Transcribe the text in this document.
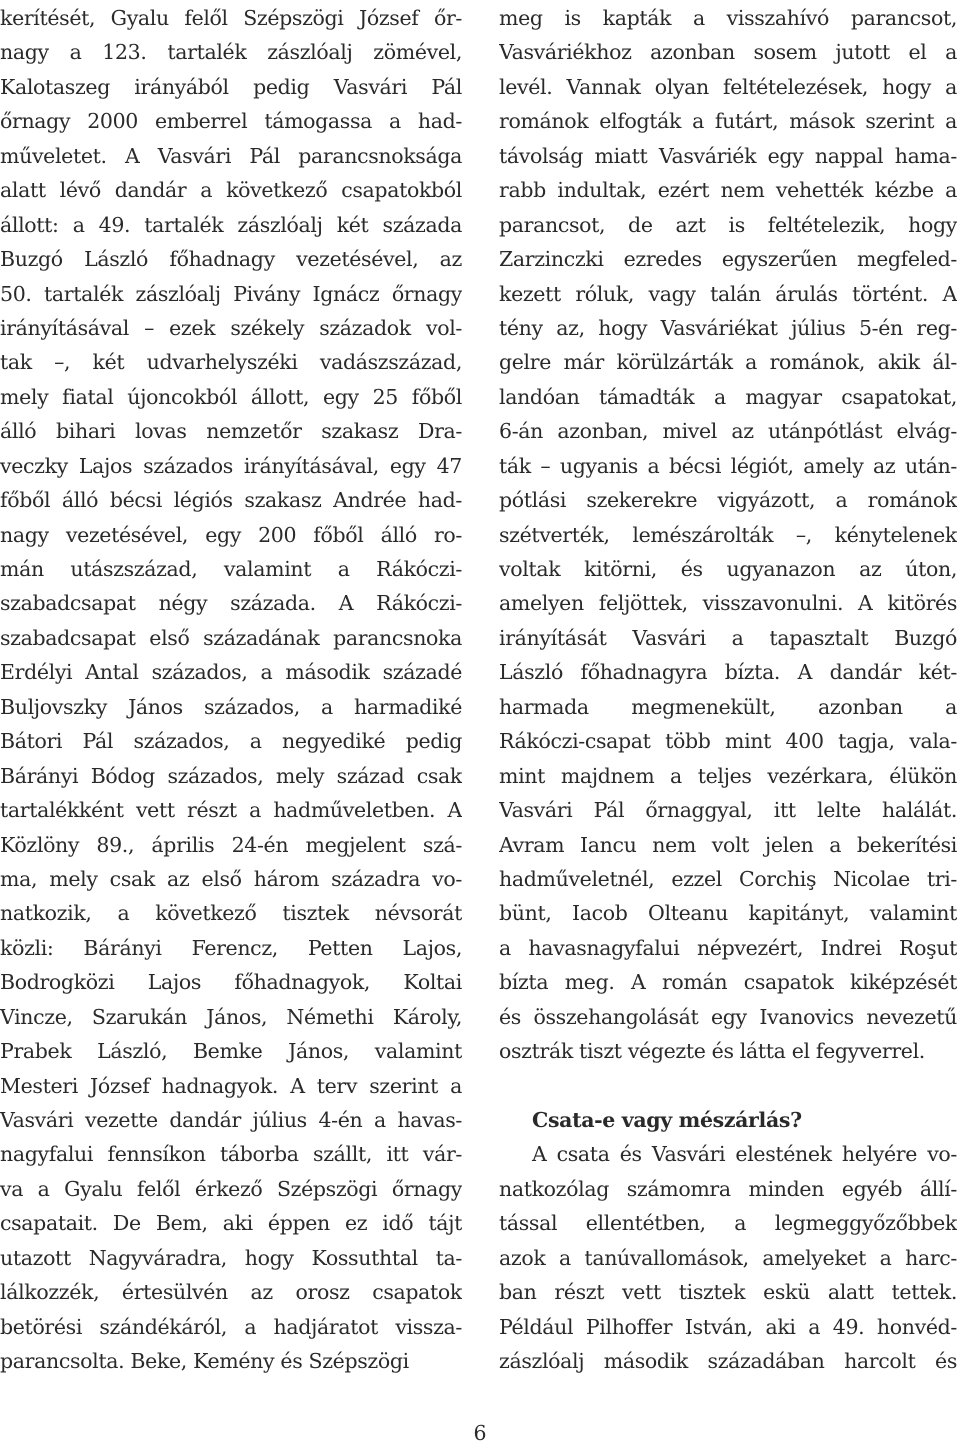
kerítését, Gyalu felől Szépszögi József őr-
nagy a 123. tartalék zászlóalj zömével,
Kalotaszeg irányából pedig Vasvári Pál
őrnagy 2000 emberrel támogassa a had-
műveletet. A Vasvári Pál parancsnoksága
alatt lévő dandár a következő csapatokból
állott: a 49. tartalék zászlóalj két százada
Buzgó László főhadnagy vezetésével, az
50. tartalék zászlóalj Pivány Ignácz őrnagy
irányításával – ezek székely századok vol-
tak –, két udvarhelyszéki vadászszázad,
mely fiatal újoncokból állott, egy 25 főből
álló bihari lovas nemzetőr szakasz Dra-
veczky Lajos százados irányításával, egy 47
főből álló bécsi légiós szakasz Andrée had-
nagy vezetésével, egy 200 főből álló ro-
mán utászszázad, valamint a Rákóczi-
szabadcsapat négy százada. A Rákóczi-
szabadcsapat első századának parancsnoka
Erdélyi Antal százados, a második századé
Buljovszky János százados, a harmadiké
Bátori Pál százados, a negyediké pedig
Bárányi Bódog százados, mely század csak
tartalékként vett részt a hadműveletben. A
Közlöny 89., április 24-én megjelent szá-
ma, mely csak az első három századra vo-
natkozik, a következő tisztek névsorát
közli: Bárányi Ferencz, Petten Lajos,
Bodrogközi Lajos főhadnagyok, Koltai
Vincze, Szarukán János, Némethi Károly,
Prabek László, Bemke János, valamint
Mesteri József hadnagyok. A terv szerint a
Vasvári vezette dandár július 4-én a havas-
nagyfalui fennsíkon táborba szállt, itt vár-
va a Gyalu felől érkező Szépszögi őrnagy
csapatait. De Bem, aki éppen ez idő tájt
utazott Nagyváradra, hogy Kossuthtal ta-
lálkozzék, értesülvén az orosz csapatok
betörési szándékáról, a hadjáratot vissza-
parancsolta. Beke, Kemény és Szépszögi
meg is kapták a visszahívó parancsot,
Vasváriékhoz azonban sosem jutott el a
levél. Vannak olyan feltételezések, hogy a
románok elfogták a futárt, mások szerint a
távolság miatt Vasváriék egy nappal hama-
rabb indultak, ezért nem vehették kézbe a
parancsot, de azt is feltételezik, hogy
Zarzinczki ezredes egyszerűen megfeled-
kezett róluk, vagy talán árulás történt. A
tény az, hogy Vasváriékat július 5-én reg-
gelre már körülzárták a románok, akik ál-
landóan támadták a magyar csapatokat,
6-án azonban, mivel az utánpótlást elvág-
ták – ugyanis a bécsi légiót, amely az után-
pótlási szekerekre vigyázott, a románok
szétverték, lemészárolták –, kénytelenek
voltak kitörni, és ugyanazon az úton,
amelyen feljöttek, visszavonulni. A kitörés
irányítását Vasvári a tapasztalt Buzgó
László főhadnagyra bízta. A dandár két-
harmada megmenekült, azonban a
Rákóczi-csapat több mint 400 tagja, vala-
mint majdnem a teljes vezérkara, élükön
Vasvári Pál őrnaggyal, itt lelte halálát.
Avram Iancu nem volt jelen a bekerítési
hadműveletnél, ezzel Corchiş Nicolae tri-
bünt, Iacob Olteanu kapitányt, valamint
a havasnagyfalui népvezért, Indrei Roşut
bízta meg. A román csapatok kiképzését
és összehangolását egy Ivanovics nevezetű
osztrák tiszt végezte és látta el fegyverrel.
Csata-e vagy mészárlás?
A csata és Vasvári elestének helyére vo-
natkozólag számomra minden egyéb állí-
tással ellentétben, a legmeggyőzőbbek
azok a tanúvallomások, amelyeket a harc-
ban részt vett tisztek eskü alatt tettek.
Például Pilhoffer István, aki a 49. honvéd-
zászlóalj második századában harcolt és
6
